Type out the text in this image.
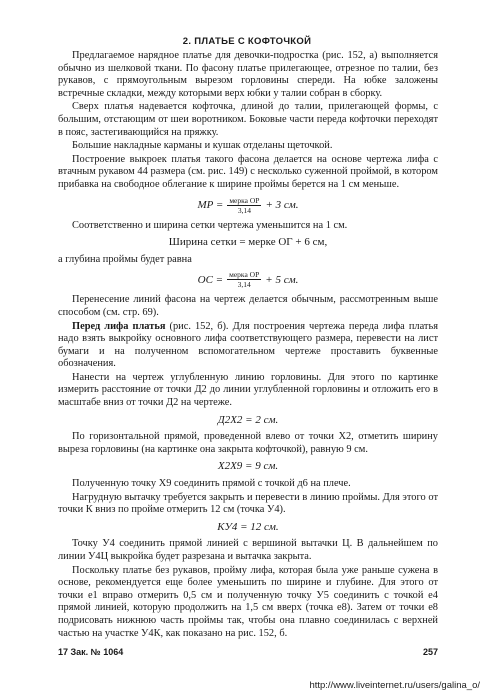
2. ПЛАТЬЕ С КОФТОЧКОЙ

Предлагаемое нарядное платье для девочки-подростка (рис. 152, а) выполняется обычно из шелковой ткани. По фасону платье прилегающее, отрезное по талии, без рукавов, с прямоугольным вырезом горловины спереди. На юбке заложены встречные складки, между которыми верх юбки у талии собран в сборку.

Сверх платья надевается кофточка, длиной до талии, прилегающей формы, с большим, отстающим от шеи воротником. Боковые части переда кофточки переходят в пояс, застегивающийся на пряжку.

Большие накладные карманы и кушак отделаны щеточкой.

Построение выкроек платья такого фасона делается на основе чертежа лифа с втачным рукавом 44 размера (см. рис. 149) с несколько суженной проймой, в котором прибавка на свободное облегание к ширине проймы берется на 1 см меньше.

MP = $\frac{\text{мерка ОР}}{3,14} + 3$ см.

Соответственно и ширина сетки чертежа уменьшится на 1 см.

Ширина сетки = мерке ОГ + 6 см,

а глубина проймы будет равна

OC = $\frac{\text{мерка ОР}}{3,14} + 5$ см.

Перенесение линий фасона на чертеж делается обычным, рассмотренным выше способом (см. стр. 69).

Перед лифа платья (рис. 152, б). Для построения чертежа переда лифа платья надо взять выкройку основного лифа соответствующего размера, перевести на лист бумаги и на полученном вспомогательном чертеже проставить буквенные обозначения.

Нанести на чертеж углубленную линию горловины. Для этого по картинке измерить расстояние от точки Д2 до линии углубленной горловины и отложить его в масштабе вниз от точки Д2 на чертеже.

Д2Х2 = 2 см.

По горизонтальной прямой, проведенной влево от точки Х2, отметить ширину выреза горловины (на картинке она закрыта кофточкой), равную 9 см.

Х2Х9 = 9 см.

Полученную точку Х9 соединить прямой с точкой д6 на плече.

Нагрудную вытачку требуется закрыть и перевести в линию проймы. Для этого от точки К вниз по пройме отмерить 12 см (точка У4).

КУ4 = 12 см.

Точку У4 соединить прямой линией с вершиной вытачки Ц. В дальнейшем по линии У4Ц выкройка будет разрезана и вытачка закрыта.

Поскольку платье без рукавов, пройму лифа, которая была уже раньше сужена в основе, рекомендуется еще более уменьшить по ширине и глубине. Для этого от точки е1 вправо отмерить 0,5 см и полученную точку У5 соединить с точкой е4 прямой линией, которую продолжить на 1,5 см вверх (точка е8). Затем от точки е8 подрисовать нижнюю часть проймы так, чтобы она плавно соединилась с верхней частью на участке У4К, как показано на рис. 152, б.

17 Зак. № 1064	257
http://www.liveinternet.ru/users/galina_o/
